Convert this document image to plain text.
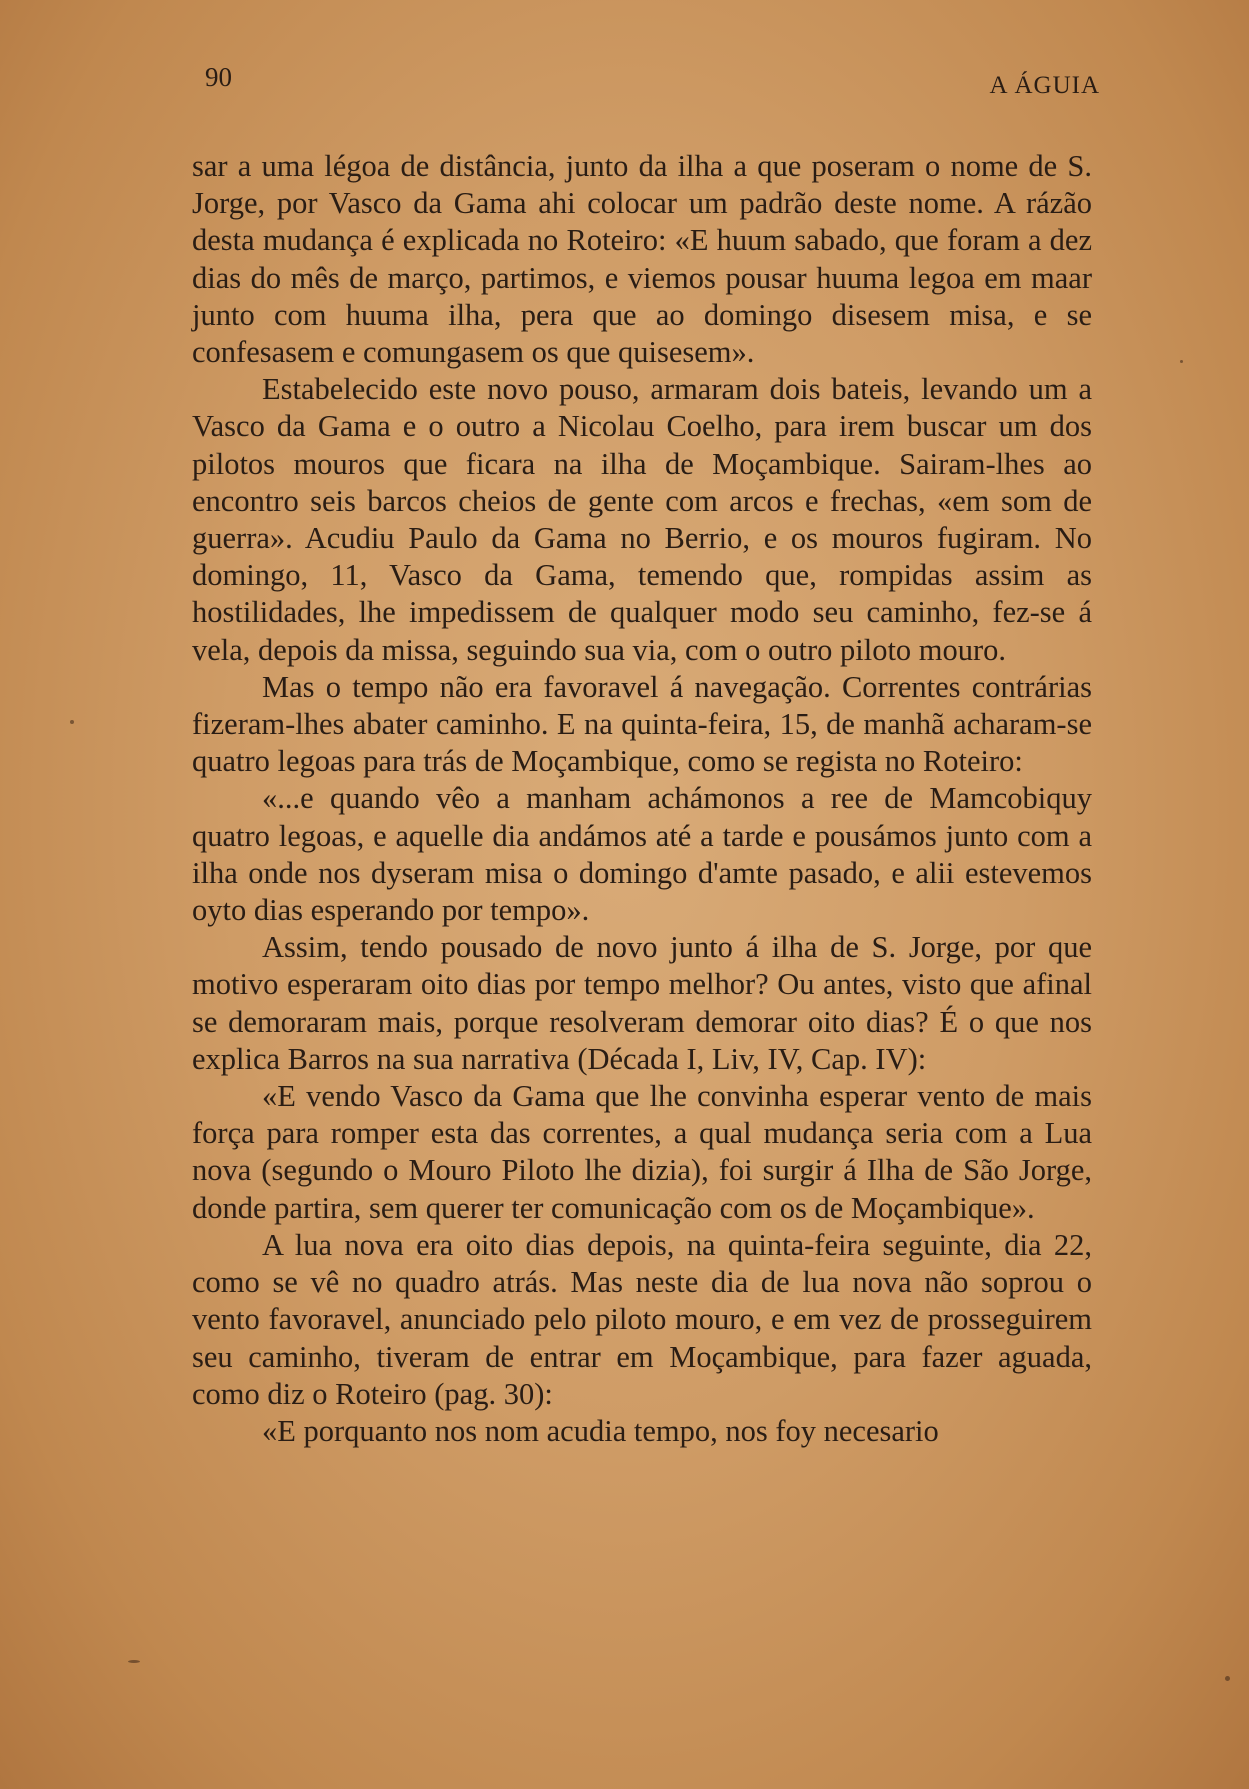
90	A ÁGUIA

sar a uma légoa de distância, junto da ilha a que poseram o nome de S. Jorge, por Vasco da Gama ahi colocar um padrão deste nome. A rázão desta mudança é explicada no Roteiro: «E huum sabado, que foram a dez dias do mês de março, partimos, e viemos pousar huuma legoa em maar junto com huuma ilha, pera que ao domingo disesem misa, e se confesasem e comungasem os que quisesem».

Estabelecido este novo pouso, armaram dois bateis, levando um a Vasco da Gama e o outro a Nicolau Coelho, para irem buscar um dos pilotos mouros que ficara na ilha de Moçambique. Sairam-lhes ao encontro seis barcos cheios de gente com arcos e frechas, «em som de guerra». Acudiu Paulo da Gama no Berrio, e os mouros fugiram. No domingo, 11, Vasco da Gama, temendo que, rompidas assim as hostilidades, lhe impedissem de qualquer modo seu caminho, fez-se á vela, depois da missa, seguindo sua via, com o outro piloto mouro.

Mas o tempo não era favoravel á navegação. Correntes contrárias fizeram-lhes abater caminho. E na quinta-feira, 15, de manhã acharam-se quatro legoas para trás de Moçambique, como se regista no Roteiro:

«...e quando vêo a manham achámonos a ree de Mamcobiquy quatro legoas, e aquelle dia andámos até a tarde e pousámos junto com a ilha onde nos dyseram misa o domingo d'amte pasado, e alii estevemos oyto dias esperando por tempo».

Assim, tendo pousado de novo junto á ilha de S. Jorge, por que motivo esperaram oito dias por tempo melhor? Ou antes, visto que afinal se demoraram mais, porque resolveram demorar oito dias? É o que nos explica Barros na sua narrativa (Década I, Liv, IV, Cap. IV):

«E vendo Vasco da Gama que lhe convinha esperar vento de mais força para romper esta das correntes, a qual mudança seria com a Lua nova (segundo o Mouro Piloto lhe dizia), foi surgir á Ilha de São Jorge, donde partira, sem querer ter comunicação com os de Moçambique».

A lua nova era oito dias depois, na quinta-feira seguinte, dia 22, como se vê no quadro atrás. Mas neste dia de lua nova não soprou o vento favoravel, anunciado pelo piloto mouro, e em vez de prosseguirem seu caminho, tiveram de entrar em Moçambique, para fazer aguada, como diz o Roteiro (pag. 30):

«E porquanto nos nom acudia tempo, nos foy necesario
